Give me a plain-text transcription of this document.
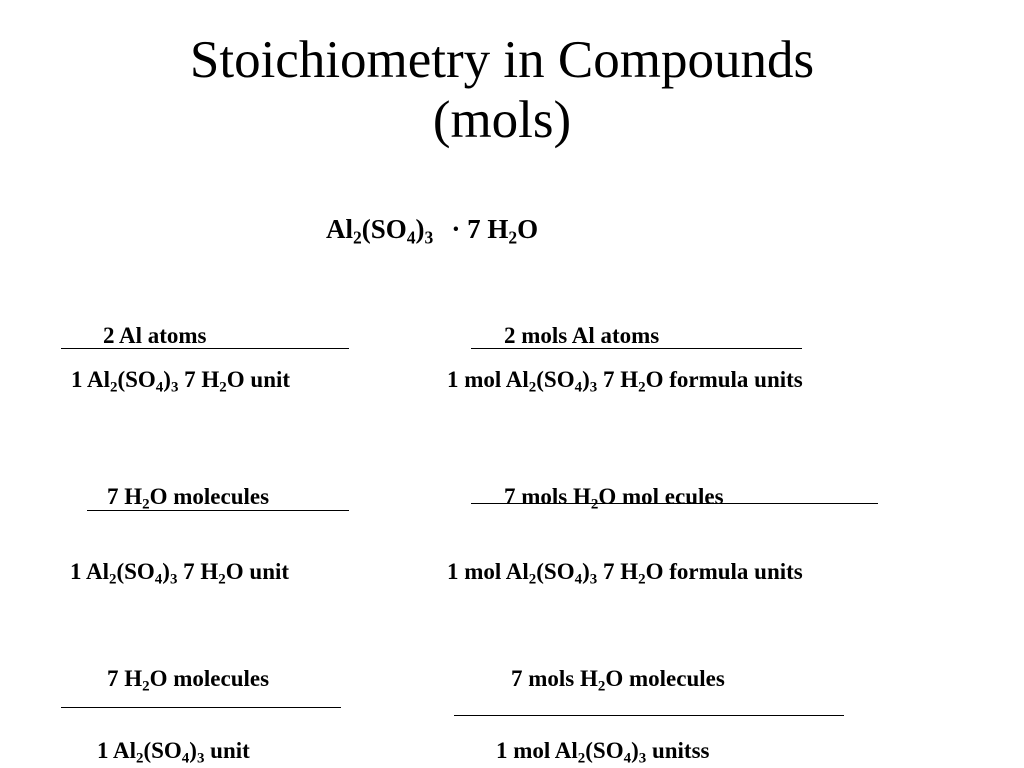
Stoichiometry in Compounds
(mols)
$Al_2(SO_4)_3 \cdot 7$ $H_2O$
2 Al atoms
1 $Al_2(SO_4)_3$ 7 $H_2O$ unit
2 mols Al atoms
1 mol $Al_2(SO_4)_3$ 7 $H_2O$ formula units
7 $H_2O$ molecules
1 $Al_2(SO_4)_3$ 7 $H_2O$ unit
7 mols $H_2O$ mol ecules
1 mol $Al_2(SO_4)_3$ 7 $H_2O$ formula units
7 $H_2O$ molecules
1 $Al_2(SO_4)_3$ unit
7 mols $H_2O$ molecules
1 mol $Al_2(SO_4)_3$ unitss
